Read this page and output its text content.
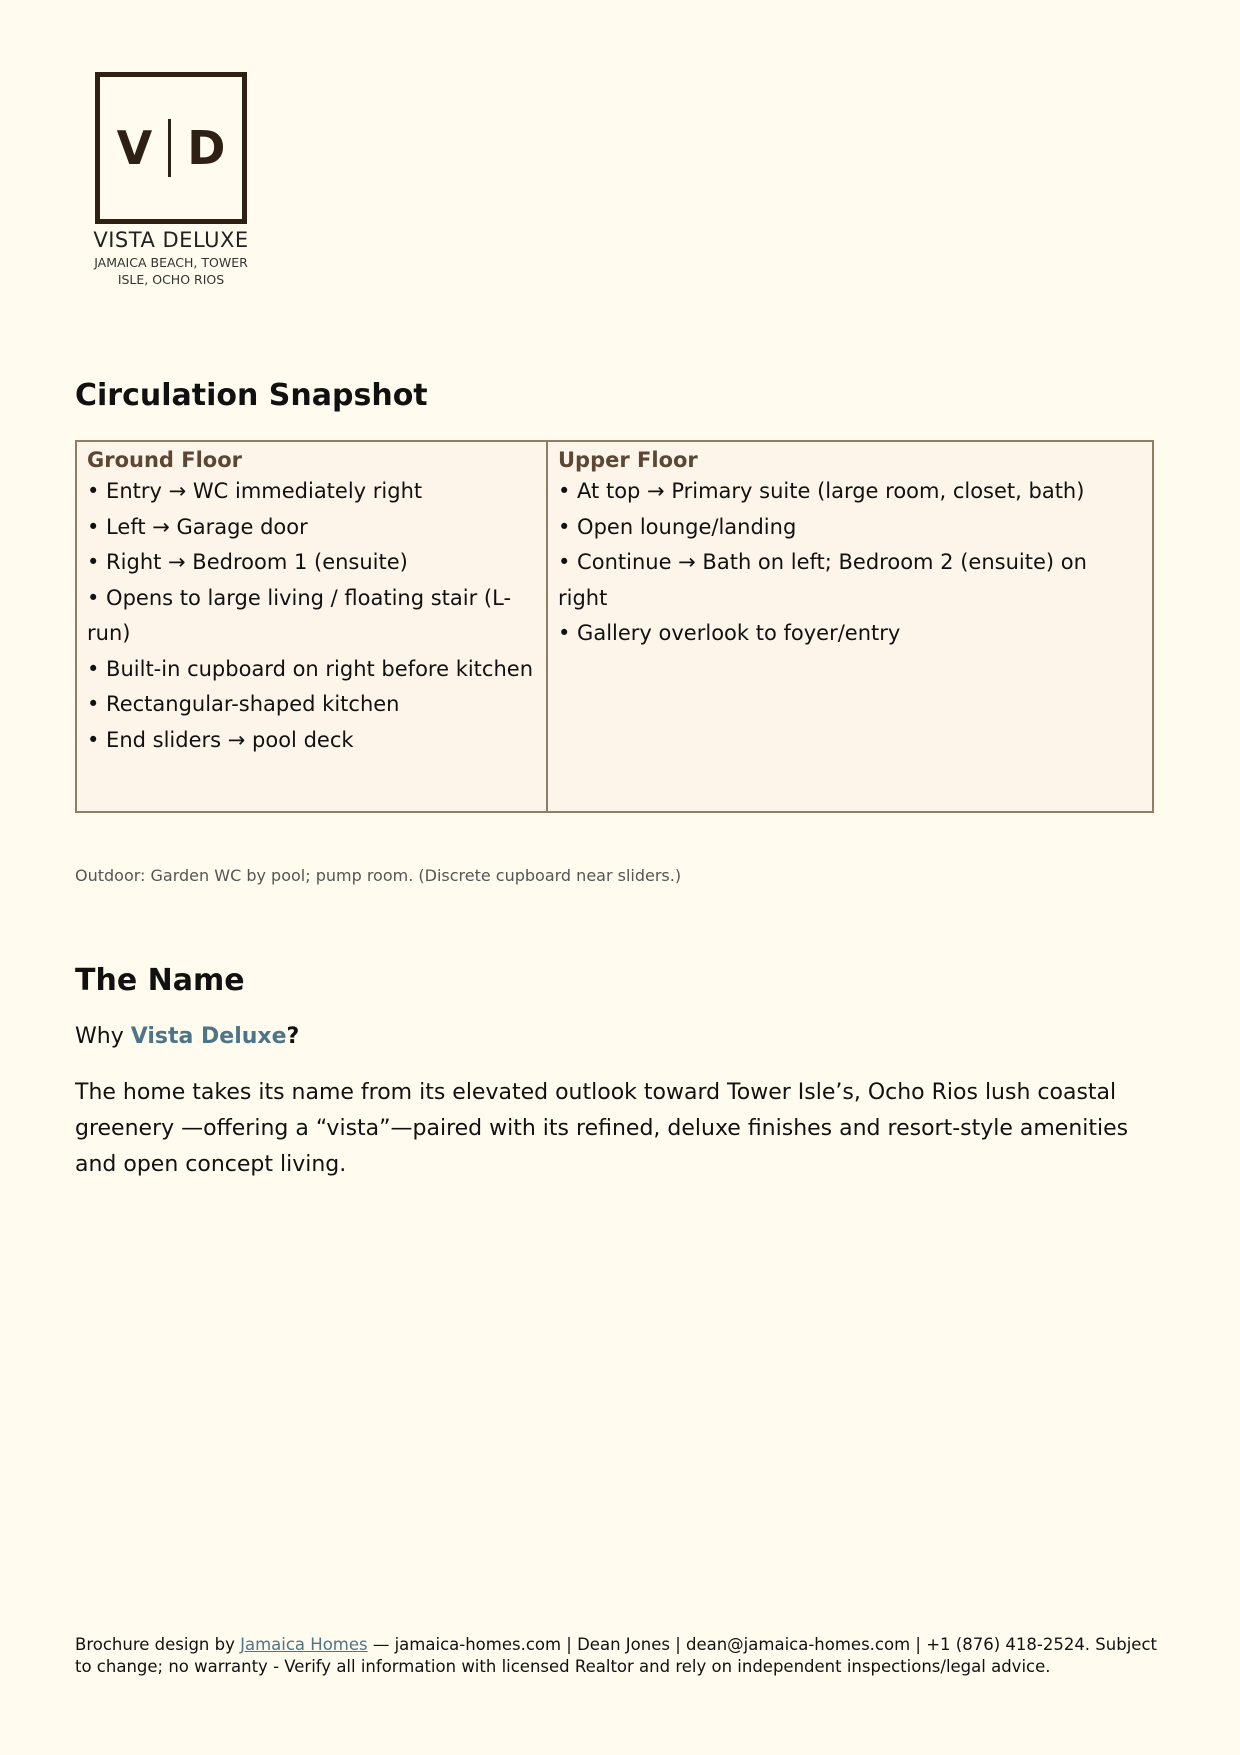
V D
VISTA DELUXE
JAMAICA BEACH, TOWER ISLE, OCHO RIOS
Circulation Snapshot
Ground Floor
• Entry → WC immediately right
• Left → Garage door
• Right → Bedroom 1 (ensuite)
• Opens to large living / floating stair (L-run)
• Built-in cupboard on right before kitchen
• Rectangular-shaped kitchen
• End sliders → pool deck
Upper Floor
• At top → Primary suite (large room, closet, bath)
• Open lounge/landing
• Continue → Bath on left; Bedroom 2 (ensuite) on right
• Gallery overlook to foyer/entry
Outdoor: Garden WC by pool; pump room. (Discrete cupboard near sliders.)
The Name
Why Vista Deluxe?

The home takes its name from its elevated outlook toward Tower Isle’s, Ocho Rios lush coastal greenery —offering a “vista”—paired with its refined, deluxe finishes and resort-style amenities and open concept living.

Brochure design by Jamaica Homes — jamaica-homes.com | Dean Jones | dean@jamaica-homes.com | +1 (876) 418-2524. Subject to change; no warranty - Verify all information with licensed Realtor and rely on independent inspections/legal advice.
